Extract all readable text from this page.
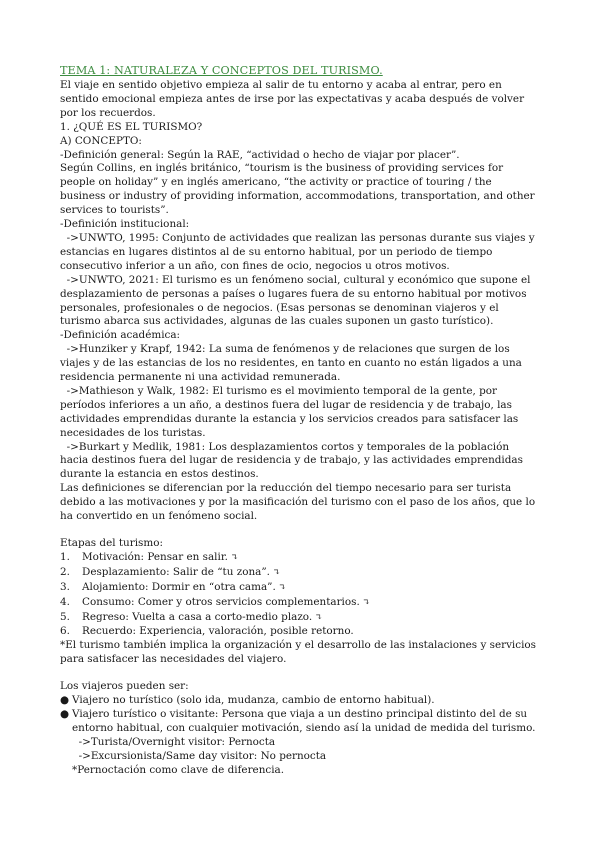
TEMA 1: NATURALEZA Y CONCEPTOS DEL TURISMO.

El viaje en sentido objetivo empieza al salir de tu entorno y acaba al entrar, pero en sentido emocional empieza antes de irse por las expectativas y acaba después de volver por los recuerdos.

1. ¿QUÉ ES EL TURISMO?

A) CONCEPTO:

-Definición general: Según la RAE, “actividad o hecho de viajar por placer”.

Según Collins, en inglés británico, “tourism is the business of providing services for people on holiday” y en inglés americano, “the activity or practice of touring / the business or industry of providing information, accommodations, transportation, and other services to tourists”.

-Definición institucional:

->UNWTO, 1995: Conjunto de actividades que realizan las personas durante sus viajes y estancias en lugares distintos al de su entorno habitual, por un periodo de tiempo consecutivo inferior a un año, con fines de ocio, negocios u otros motivos.

->UNWTO, 2021: El turismo es un fenómeno social, cultural y económico que supone el desplazamiento de personas a países o lugares fuera de su entorno habitual por motivos personales, profesionales o de negocios. (Esas personas se denominan viajeros y el turismo abarca sus actividades, algunas de las cuales suponen un gasto turístico).

-Definición académica:

->Hunziker y Krapf, 1942: La suma de fenómenos y de relaciones que surgen de los viajes y de las estancias de los no residentes, en tanto en cuanto no están ligados a una residencia permanente ni una actividad remunerada.

->Mathieson y Walk, 1982: El turismo es el movimiento temporal de la gente, por períodos inferiores a un año, a destinos fuera del lugar de residencia y de trabajo, las actividades emprendidas durante la estancia y los servicios creados para satisfacer las necesidades de los turistas.

->Burkart y Medlik, 1981: Los desplazamientos cortos y temporales de la población hacia destinos fuera del lugar de residencia y de trabajo, y las actividades emprendidas durante la estancia en estos destinos.

Las definiciones se diferencian por la reducción del tiempo necesario para ser turista debido a las motivaciones y por la masificación del turismo con el paso de los años, que lo ha convertido en un fenómeno social.

Etapas del turismo:

1. Motivación: Pensar en salir. ↴
2. Desplazamiento: Salir de “tu zona”. ↴
3. Alojamiento: Dormir en “otra cama”. ↴
4. Consumo: Comer y otros servicios complementarios. ↴
5. Regreso: Vuelta a casa a corto-medio plazo. ↴
6. Recuerdo: Experiencia, valoración, posible retorno.

*El turismo también implica la organización y el desarrollo de las instalaciones y servicios para satisfacer las necesidades del viajero.

Los viajeros pueden ser:

● Viajero no turístico (solo ida, mudanza, cambio de entorno habitual).
● Viajero turístico o visitante: Persona que viaja a un destino principal distinto del de su entorno habitual, con cualquier motivación, siendo así la unidad de medida del turismo.

->Turista/Overnight visitor: Pernocta

->Excursionista/Same day visitor: No pernocta

*Pernoctación como clave de diferencia.
